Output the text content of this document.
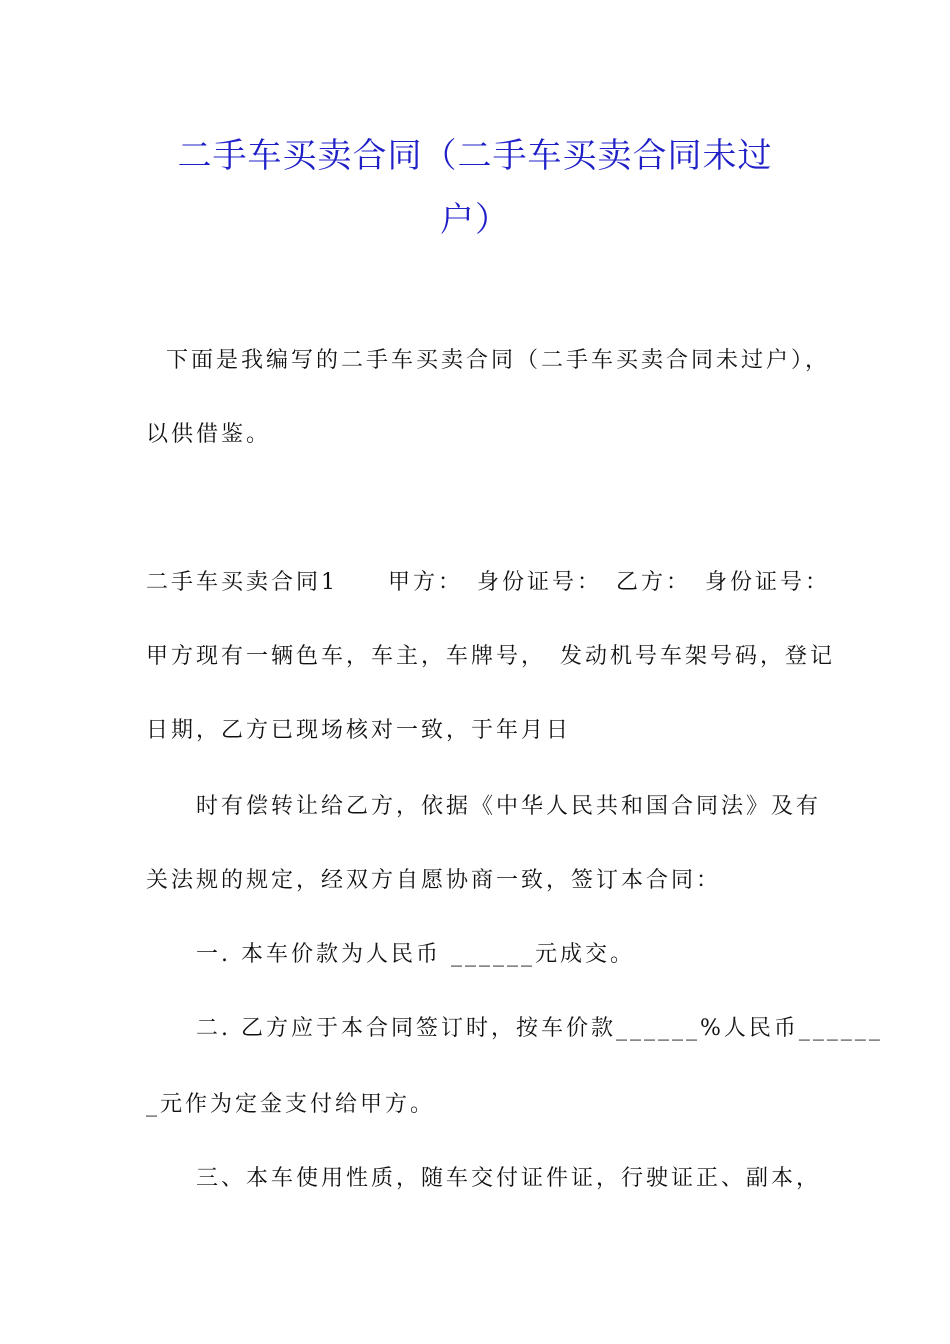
二手车买卖合同（二手车买卖合同未过
户）
下面是我编写的二手车买卖合同（二手车买卖合同未过户），
以供借鉴。
二手车买卖合同1　　甲方：　身份证号：　乙方：　身份证号：
甲方现有一辆色车，车主，车牌号，　发动机号车架号码，登记
日期，乙方已现场核对一致，于年月日
　　时有偿转让给乙方，依据《中华人民共和国合同法》及有
关法规的规定，经双方自愿协商一致，签订本合同：
　　一. 本车价款为人民币 ______元成交。
　　二. 乙方应于本合同签订时，按车价款______%人民币______
_元作为定金支付给甲方。
　　三、本车使用性质，随车交付证件证，行驶证正、副本，
